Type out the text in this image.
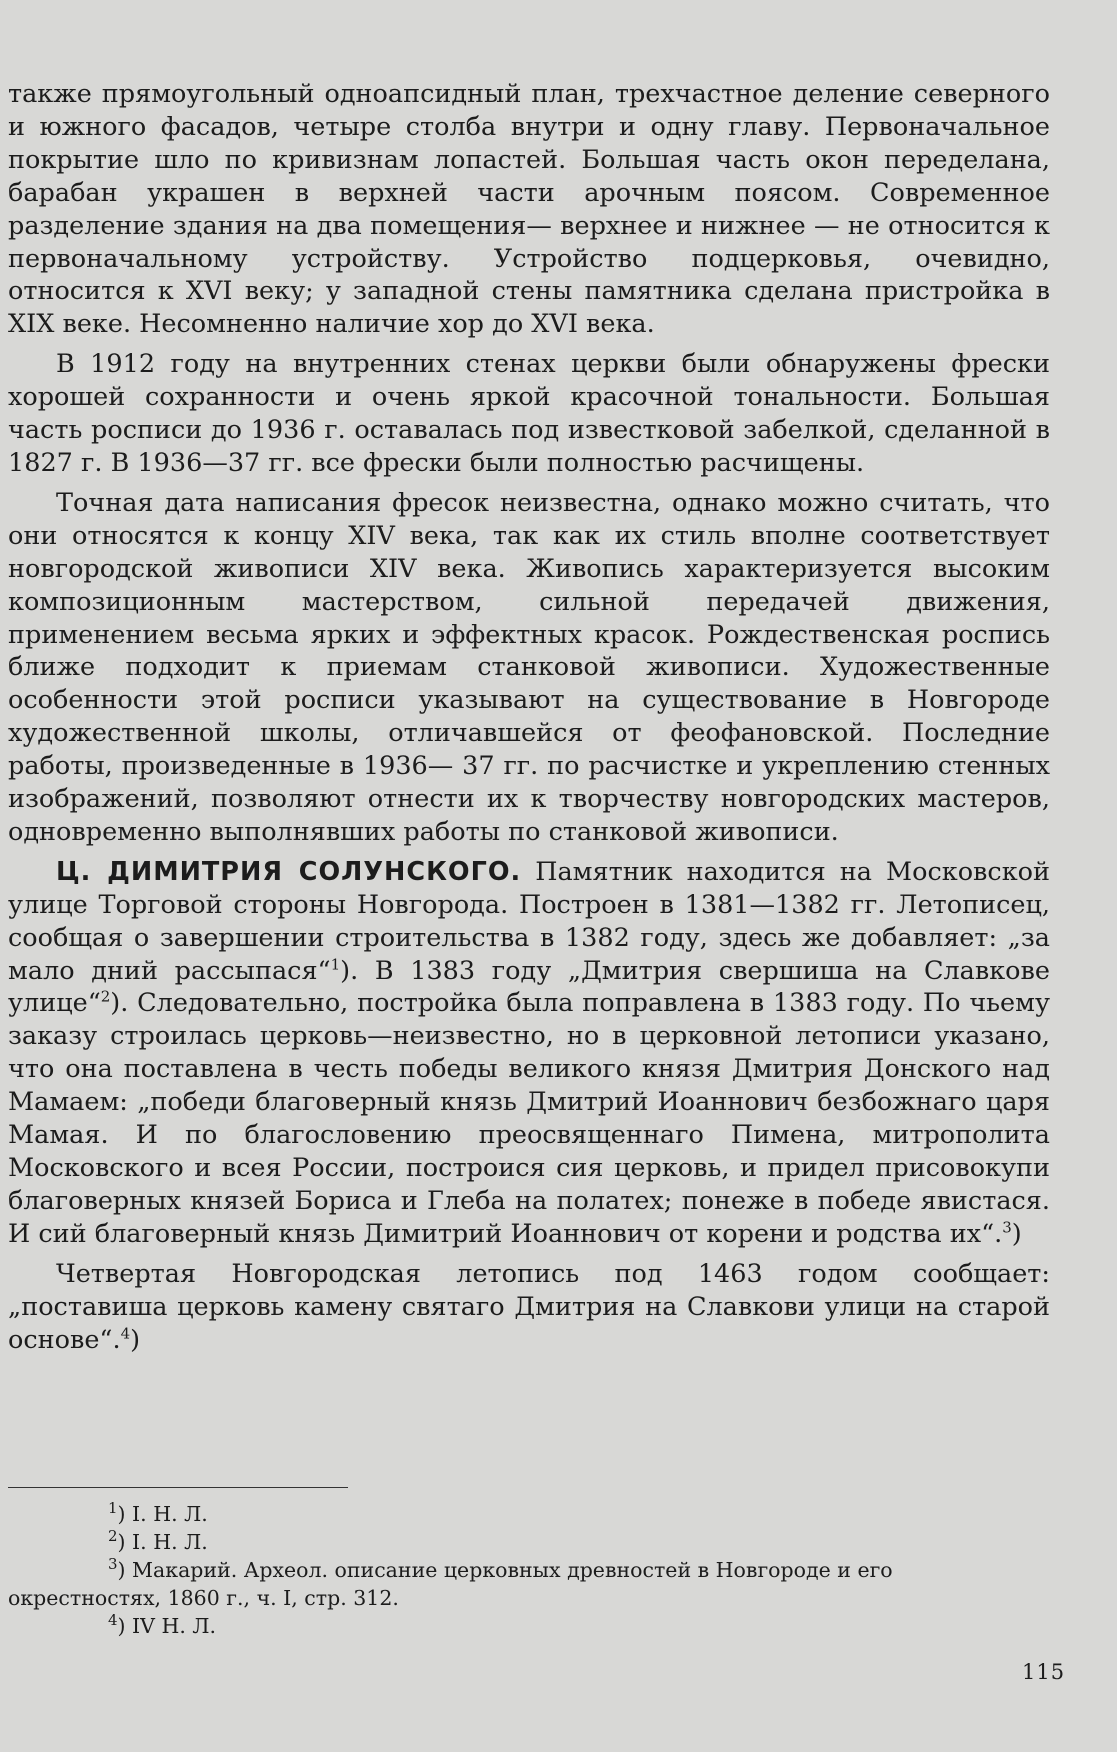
также прямоугольный одноапсидный план, трехчастное деление северного и южного фасадов, четыре столба внутри и одну главу. Первоначальное покрытие шло по кривизнам лопастей. Большая часть окон переделана, барабан украшен в верхней части арочным поясом. Современное разделение здания на два помещения— верхнее и нижнее — не относится к первоначальному устройству. Устройство подцерковья, очевидно, относится к XVI веку; у западной стены памятника сделана пристройка в XIX веке. Несомненно наличие хор до XVI века.

В 1912 году на внутренних стенах церкви были обнаружены фрески хорошей сохранности и очень яркой красочной тональности. Большая часть росписи до 1936 г. оставалась под известковой забелкой, сделанной в 1827 г. В 1936—37 гг. все фрески были полностью расчищены.

Точная дата написания фресок неизвестна, однако можно считать, что они относятся к концу XIV века, так как их стиль вполне соответствует новгородской живописи XIV века. Живопись характеризуется высоким композиционным мастерством, сильной передачей движения, применением весьма ярких и эффектных красок. Рождественская роспись ближе подходит к приемам станковой живописи. Художественные особенности этой росписи указывают на существование в Новгороде художественной школы, отличавшейся от феофановской. Последние работы, произведенные в 1936— 37 гг. по расчистке и укреплению стенных изображений, позволяют отнести их к творчеству новгородских мастеров, одновременно выполнявших работы по станковой живописи.

Ц. ДИМИТРИЯ СОЛУНСКОГО. Памятник находится на Московской улице Торговой стороны Новгорода. Построен в 1381—1382 гг. Летописец, сообщая о завершении строительства в 1382 году, здесь же добавляет: „за мало дний рассыпася“$^1$). В 1383 году „Дмитрия свершиша на Славкове улице“$^2$). Следовательно, постройка была поправлена в 1383 году. По чьему заказу строилась церковь—неизвестно, но в церковной летописи указано, что она поставлена в честь победы великого князя Дмитрия Донского над Мамаем: „победи благоверный князь Дмитрий Иоаннович безбожнаго царя Мамая. И по благословению преосвященнаго Пимена, митрополита Московского и всея России, построися сия церковь, и придел присовокупи благоверных князей Бориса и Глеба на полатех; понеже в победе явистася. И сий благоверный князь Димитрий Иоаннович от корени и родства их“.$^3$)

Четвертая Новгородская летопись под 1463 годом сообщает: „поставиша церковь камену святаго Дмитрия на Славкови улици на старой основе“.$^4$)

$^1$) I. Н. Л.

$^2$) I. Н. Л.

$^3$) Макарий. Археол. описание церковных древностей в Новгороде и его
окрестностях, 1860 г., ч. I, стр. 312.

$^4$) IV Н. Л.

115
